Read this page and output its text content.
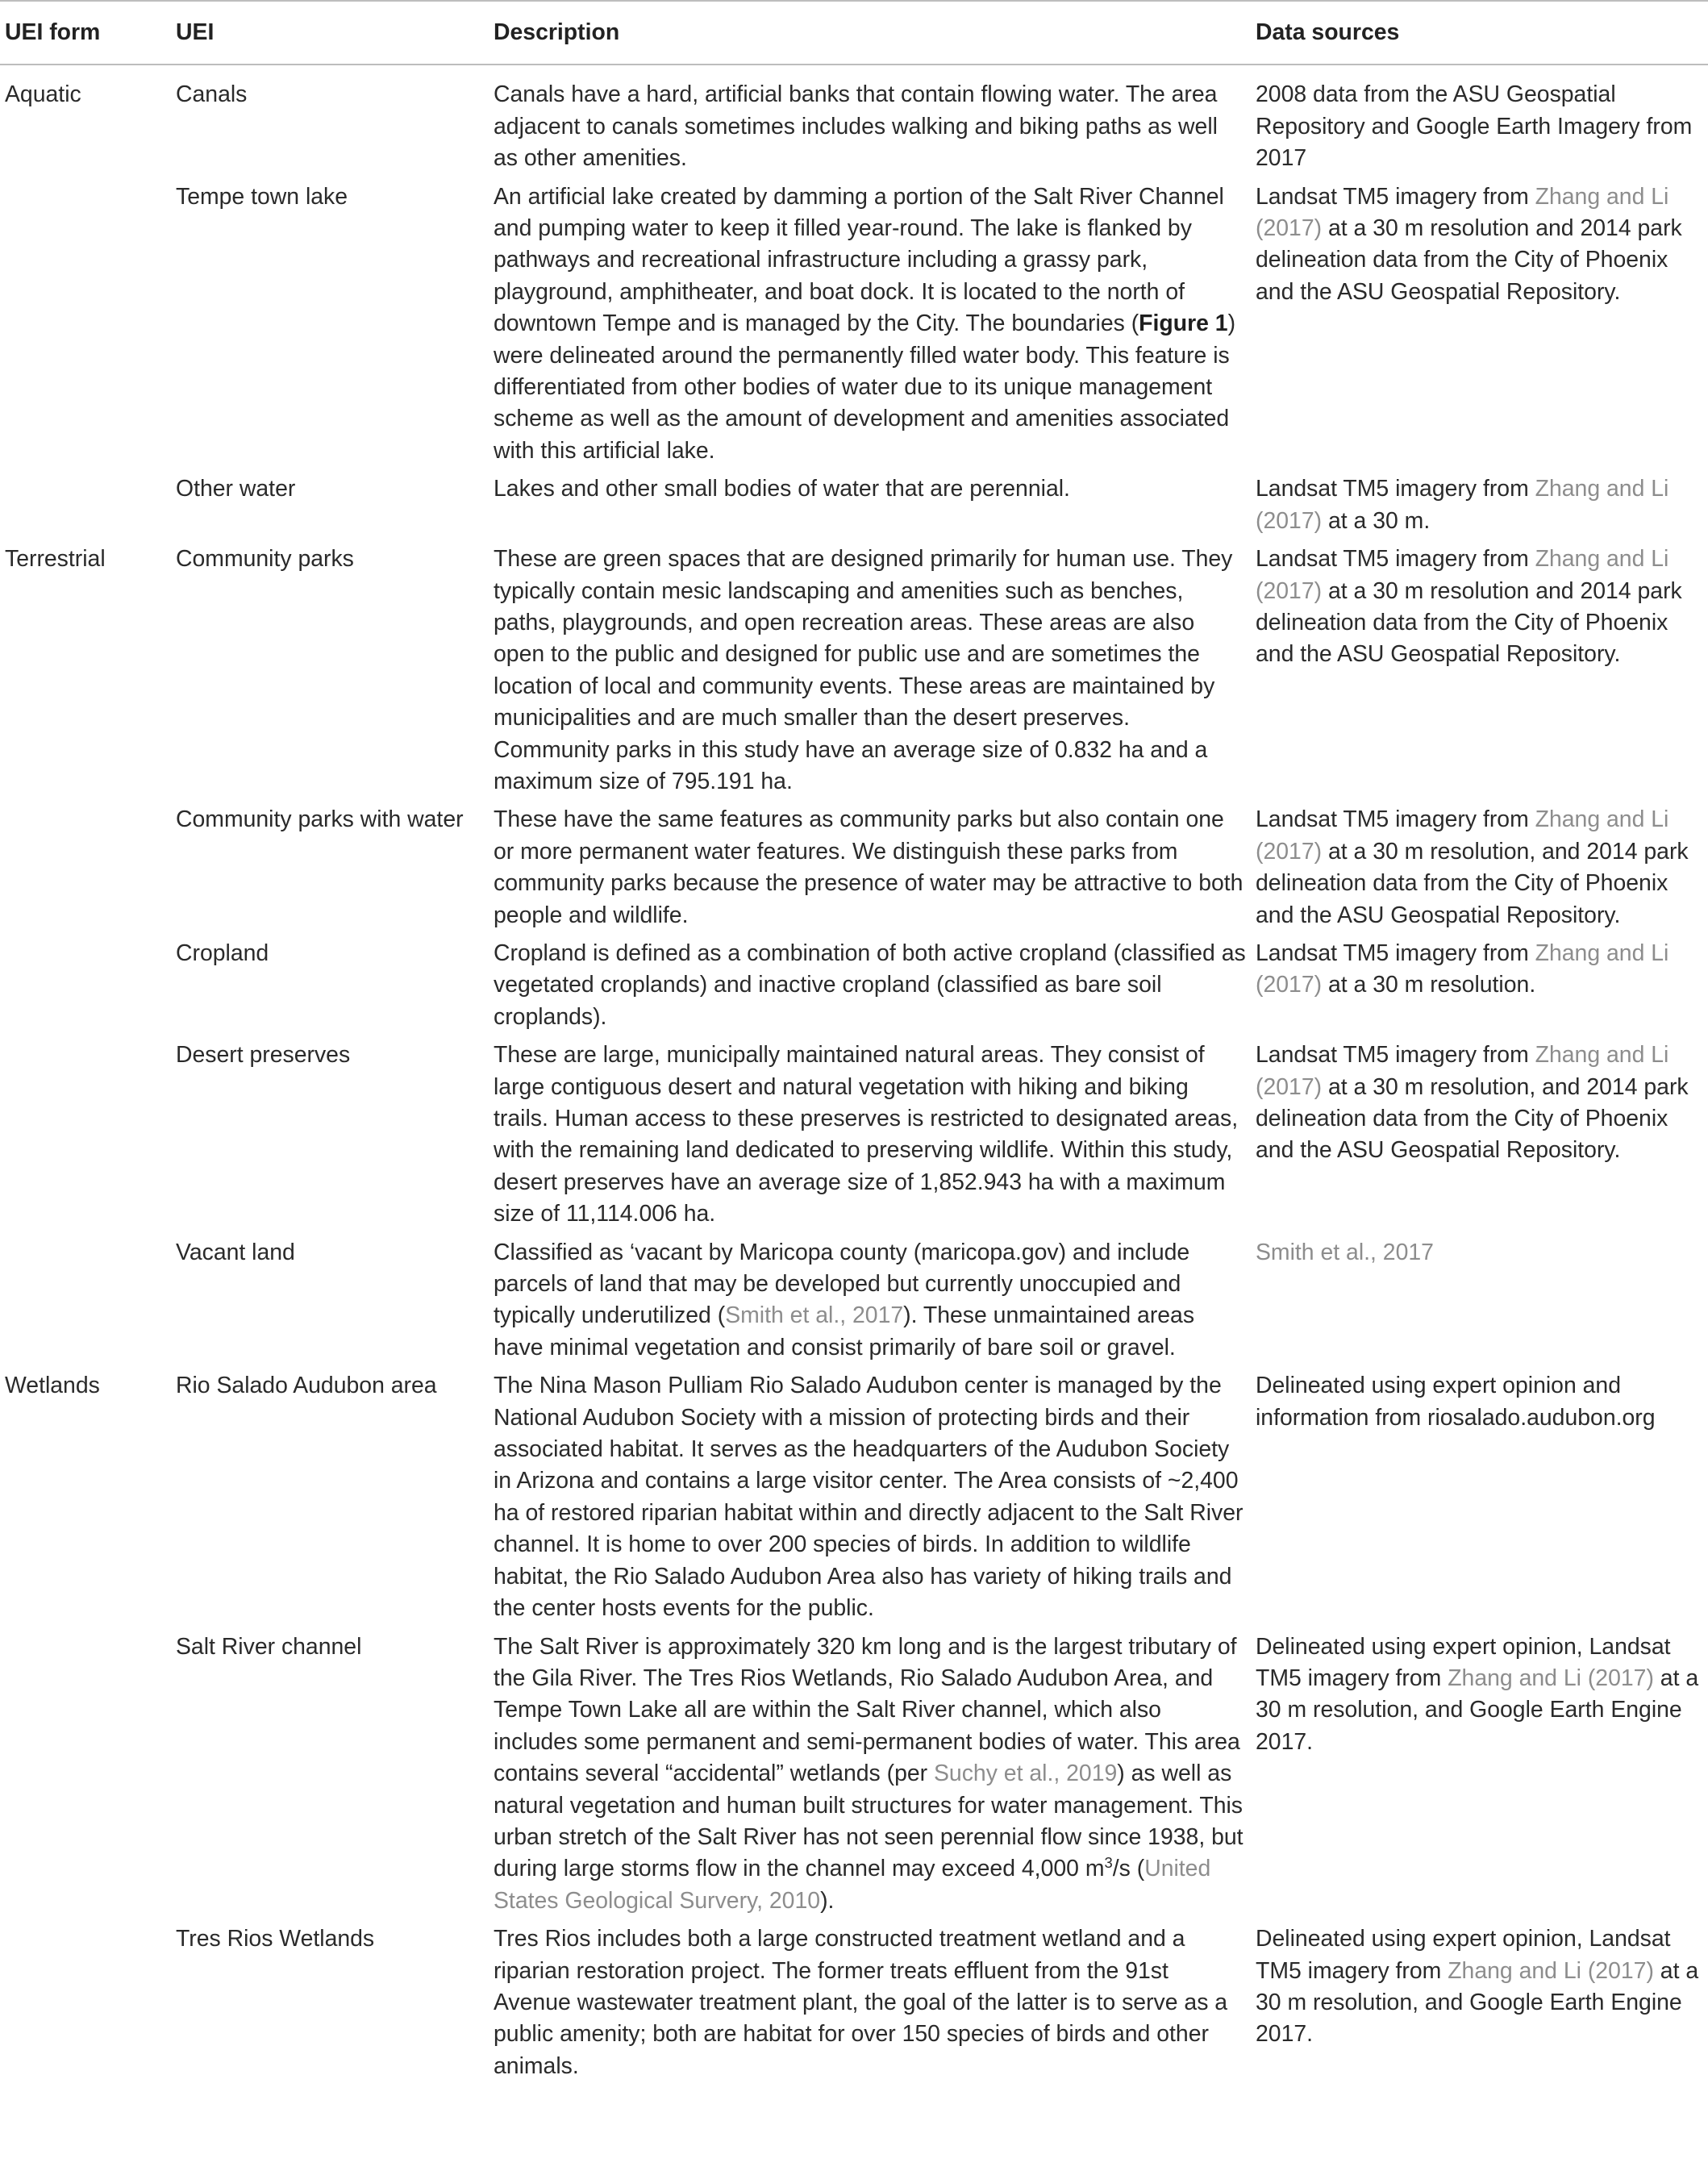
UEI form	UEI	Description	Data sources
Aquatic	Canals	Canals have a hard, artificial banks that contain flowing water. The area adjacent to canals sometimes includes walking and biking paths as well as other amenities.	2008 data from the ASU Geospatial Repository and Google Earth Imagery from 2017
	Tempe town lake	An artificial lake created by damming a portion of the Salt River Channel and pumping water to keep it filled year-round. The lake is flanked by pathways and recreational infrastructure including a grassy park, playground, amphitheater, and boat dock. It is located to the north of downtown Tempe and is managed by the City. The boundaries (Figure 1) were delineated around the permanently filled water body. This feature is differentiated from other bodies of water due to its unique management scheme as well as the amount of development and amenities associated with this artificial lake.	Landsat TM5 imagery from Zhang and Li (2017) at a 30 m resolution and 2014 park delineation data from the City of Phoenix and the ASU Geospatial Repository.
	Other water	Lakes and other small bodies of water that are perennial.	Landsat TM5 imagery from Zhang and Li (2017) at a 30 m.
Terrestrial	Community parks	These are green spaces that are designed primarily for human use. They typically contain mesic landscaping and amenities such as benches, paths, playgrounds, and open recreation areas. These areas are also open to the public and designed for public use and are sometimes the location of local and community events. These areas are maintained by municipalities and are much smaller than the desert preserves. Community parks in this study have an average size of 0.832 ha and a maximum size of 795.191 ha.	Landsat TM5 imagery from Zhang and Li (2017) at a 30 m resolution and 2014 park delineation data from the City of Phoenix and the ASU Geospatial Repository.
	Community parks with water	These have the same features as community parks but also contain one or more permanent water features. We distinguish these parks from community parks because the presence of water may be attractive to both people and wildlife.	Landsat TM5 imagery from Zhang and Li (2017) at a 30 m resolution, and 2014 park delineation data from the City of Phoenix and the ASU Geospatial Repository.
	Cropland	Cropland is defined as a combination of both active cropland (classified as vegetated croplands) and inactive cropland (classified as bare soil croplands).	Landsat TM5 imagery from Zhang and Li (2017) at a 30 m resolution.
	Desert preserves	These are large, municipally maintained natural areas. They consist of large contiguous desert and natural vegetation with hiking and biking trails. Human access to these preserves is restricted to designated areas, with the remaining land dedicated to preserving wildlife. Within this study, desert preserves have an average size of 1,852.943 ha with a maximum size of 11,114.006 ha.	Landsat TM5 imagery from Zhang and Li (2017) at a 30 m resolution, and 2014 park delineation data from the City of Phoenix and the ASU Geospatial Repository.
	Vacant land	Classified as ‘vacant by Maricopa county (maricopa.gov) and include parcels of land that may be developed but currently unoccupied and typically underutilized (Smith et al., 2017). These unmaintained areas have minimal vegetation and consist primarily of bare soil or gravel.	Smith et al., 2017
Wetlands	Rio Salado Audubon area	The Nina Mason Pulliam Rio Salado Audubon center is managed by the National Audubon Society with a mission of protecting birds and their associated habitat. It serves as the headquarters of the Audubon Society in Arizona and contains a large visitor center. The Area consists of ~2,400 ha of restored riparian habitat within and directly adjacent to the Salt River channel. It is home to over 200 species of birds. In addition to wildlife habitat, the Rio Salado Audubon Area also has variety of hiking trails and the center hosts events for the public.	Delineated using expert opinion and information from riosalado.audubon.org
	Salt River channel	The Salt River is approximately 320 km long and is the largest tributary of the Gila River. The Tres Rios Wetlands, Rio Salado Audubon Area, and Tempe Town Lake all are within the Salt River channel, which also includes some permanent and semi-permanent bodies of water. This area contains several “accidental” wetlands (per Suchy et al., 2019) as well as natural vegetation and human built structures for water management. This urban stretch of the Salt River has not seen perennial flow since 1938, but during large storms flow in the channel may exceed 4,000 $m^3/s$ (United States Geological Survery, 2010).	Delineated using expert opinion, Landsat TM5 imagery from Zhang and Li (2017) at a 30 m resolution, and Google Earth Engine 2017.
	Tres Rios Wetlands	Tres Rios includes both a large constructed treatment wetland and a riparian restoration project. The former treats effluent from the 91st Avenue wastewater treatment plant, the goal of the latter is to serve as a public amenity; both are habitat for over 150 species of birds and other animals.	Delineated using expert opinion, Landsat TM5 imagery from Zhang and Li (2017) at a 30 m resolution, and Google Earth Engine 2017.
